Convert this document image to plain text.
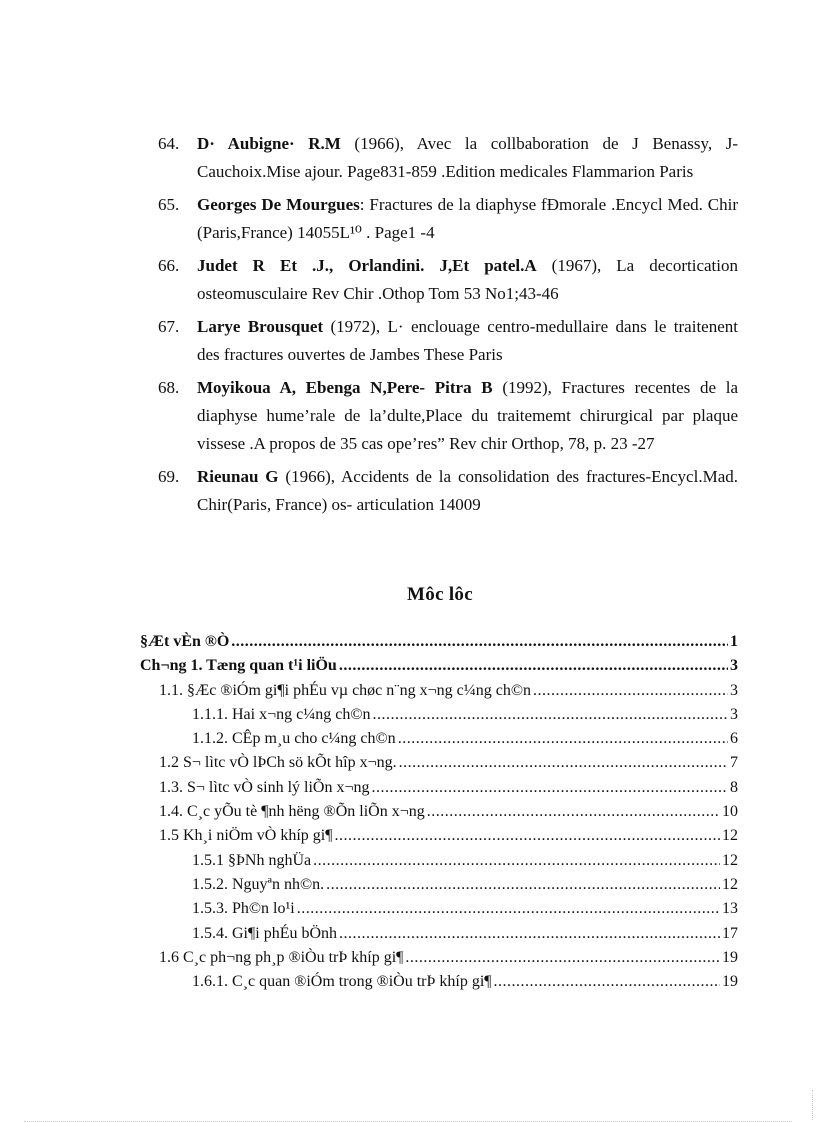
64. D· Aubigne· R.M (1966), Avec la collbaboration de J Benassy, J-Cauchoix.Mise ajour. Page831-859 .Edition medicales Flammarion Paris
65. Georges De Mourgues: Fractures de la diaphyse fÐmorale .Encycl Med. Chir (Paris,France) 14055L¹⁰ . Page1 -4
66. Judet R Et .J., Orlandini. J,Et patel.A (1967), La decortication osteomusculaire Rev Chir .Othop Tom 53 No1;43-46
67. Larye Brousquet (1972), L· enclouage centro-medullaire dans le traitenent des fractures ouvertes de Jambes These Paris
68. Moyikoua A, Ebenga N,Pere- Pitra B (1992), Fractures recentes de la diaphyse hume’rale de la’dulte,Place du traitememt chirurgical par plaque vissese .A propos de 35 cas ope’res” Rev chir Orthop, 78, p. 23 -27
69. Rieunau G (1966), Accidents de la consolidation des fractures-Encycl.Mad. Chir(Paris, France) os- articulation 14009
Môc lôc
§Æt vÈn ®Ò .....	1
Ch¬ng 1. Tæng quan t¹i liÖu .....	3
1.1. §Æc ®iÓm gi¶i phÉu vµ chøc n¨ng x¬ng c¼ng ch©n .....	3
1.1.1. Hai x¬ng c¼ng ch©n .....	3
1.1.2. CÊp m¸u cho c¼ng ch©n .....	6
1.2 S¬ lìtc vÒ lÞCh sö kÕt hîp x¬ng. .....	7
1.3. S¬ lìtc vÒ sinh lý liÕn x¬ng .....	8
1.4. C¸c yÕu tè ¶nh hëng ®Õn liÕn x¬ng .....	10
1.5 Kh¸i niÖm vÒ khíp gi¶ .....	12
1.5.1 §ÞNh nghÜa .....	12
1.5.2. Nguyªn nh©n. .....	12
1.5.3. Ph©n lo¹i .....	13
1.5.4. Gi¶i phÉu bÖnh .....	17
1.6 C¸c ph¬ng ph¸p ®iÒu trÞ khíp gi¶ .....	19
1.6.1. C¸c quan ®iÓm trong ®iÒu trÞ khíp gi¶ .....	19
